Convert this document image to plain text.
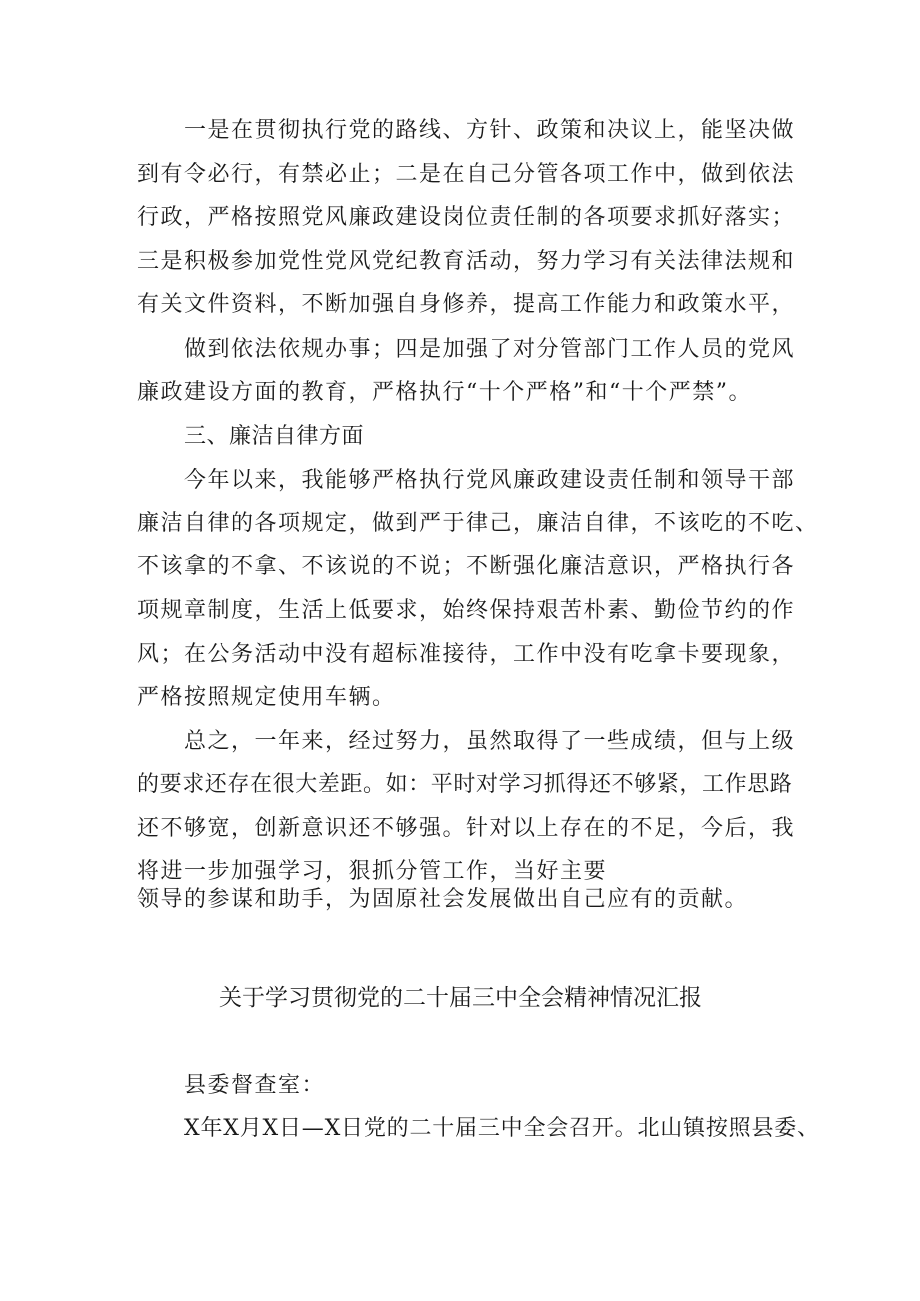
一是在贯彻执行党的路线、方针、政策和决议上，能坚决做
到有令必行，有禁必止；二是在自己分管各项工作中，做到依法
行政，严格按照党风廉政建设岗位责任制的各项要求抓好落实；
三是积极参加党性党风党纪教育活动，努力学习有关法律法规和
有关文件资料，不断加强自身修养，提高工作能力和政策水平，
做到依法依规办事；四是加强了对分管部门工作人员的党风
廉政建设方面的教育，严格执行“十个严格”和“十个严禁”。
三、廉洁自律方面
今年以来，我能够严格执行党风廉政建设责任制和领导干部
廉洁自律的各项规定，做到严于律己，廉洁自律，不该吃的不吃、
不该拿的不拿、不该说的不说；不断强化廉洁意识，严格执行各
项规章制度，生活上低要求，始终保持艰苦朴素、勤俭节约的作
风；在公务活动中没有超标准接待，工作中没有吃拿卡要现象，
严格按照规定使用车辆。
总之，一年来，经过努力，虽然取得了一些成绩，但与上级
的要求还存在很大差距。如：平时对学习抓得还不够紧，工作思路
还不够宽，创新意识还不够强。针对以上存在的不足，今后，我
将进一步加强学习，狠抓分管工作，当好主要
领导的参谋和助手，为固原社会发展做出自己应有的贡献。
关于学习贯彻党的二十届三中全会精神情况汇报
县委督查室：
X年X月X日—X日党的二十届三中全会召开。北山镇按照县委、
